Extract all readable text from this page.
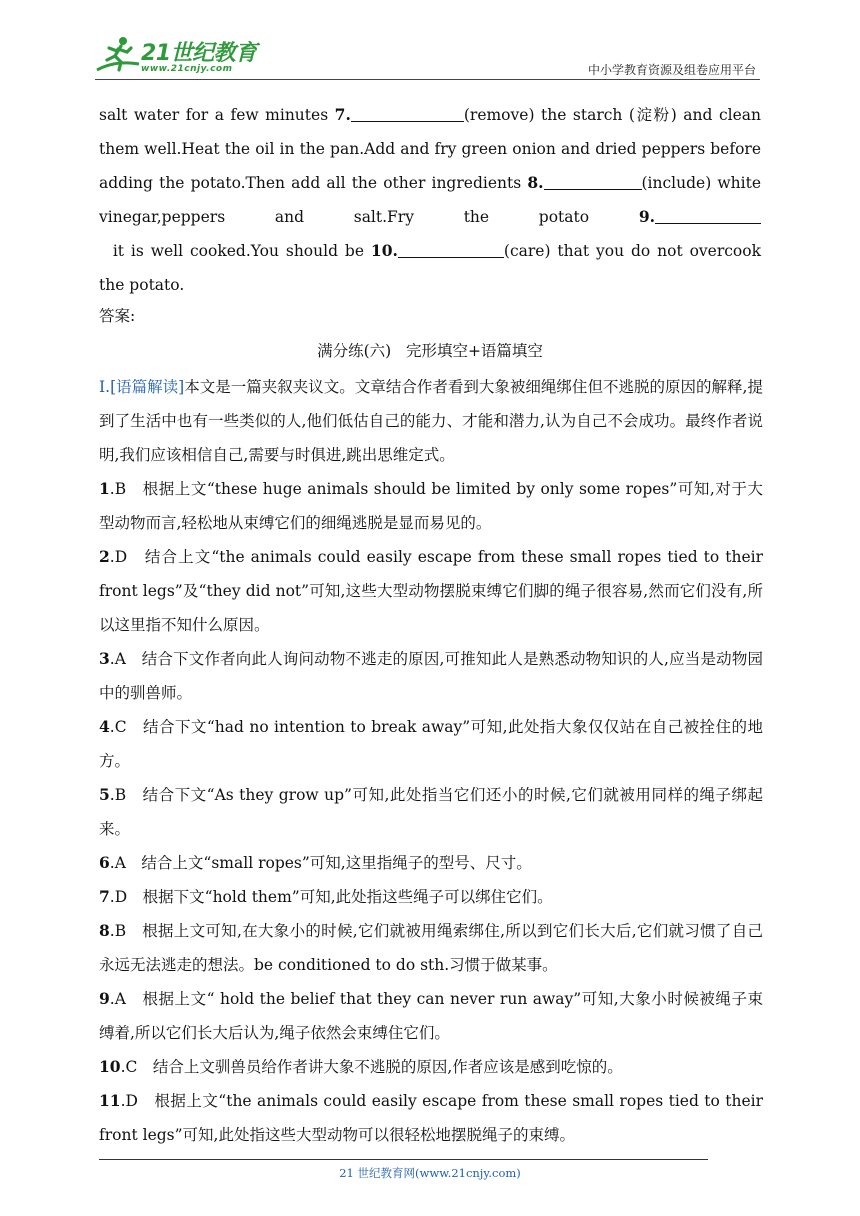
21世纪教育
www.21cnjy.com	中小学教育资源及组卷应用平台

salt water for a few minutes 7.	(remove) the starch (淀粉) and clean them well.Heat the oil in the pan.Add and fry green onion and dried peppers before adding the potato.Then add all the other ingredients 8.	(include) white vinegar,peppers and salt.Fry the potato 9.  it is well cooked.You should be 10.	(care) that you do not overcook the potato.

答案:
满分练(六)   完形填空+语篇填空

Ⅰ.[语篇解读]本文是一篇夹叙夹议文。文章结合作者看到大象被细绳绑住但不逃脱的原因的解释,提到了生活中也有一些类似的人,他们低估自己的能力、才能和潜力,认为自己不会成功。最终作者说明,我们应该相信自己,需要与时俱进,跳出思维定式。

1.B　根据上文“these huge animals should be limited by only some ropes”可知,对于大型动物而言,轻松地从束缚它们的细绳逃脱是显而易见的。

2.D　结合上文“the animals could easily escape from these small ropes tied to their front legs”及“they did not”可知,这些大型动物摆脱束缚它们脚的绳子很容易,然而它们没有,所以这里指不知什么原因。

3.A　结合下文作者向此人询问动物不逃走的原因,可推知此人是熟悉动物知识的人,应当是动物园中的驯兽师。

4.C　结合下文“had no intention to break away”可知,此处指大象仅仅站在自己被拴住的地方。

5.B　结合下文“As they grow up”可知,此处指当它们还小的时候,它们就被用同样的绳子绑起来。

6.A　结合上文“small ropes”可知,这里指绳子的型号、尺寸。

7.D　根据下文“hold them”可知,此处指这些绳子可以绑住它们。

8.B　根据上文可知,在大象小的时候,它们就被用绳索绑住,所以到它们长大后,它们就习惯了自己永远无法逃走的想法。be conditioned to do sth.习惯于做某事。

9.A　根据上文“ hold the belief that they can never run away”可知,大象小时候被绳子束缚着,所以它们长大后认为,绳子依然会束缚住它们。

10.C　结合上文驯兽员给作者讲大象不逃脱的原因,作者应该是感到吃惊的。

11.D　根据上文“the animals could easily escape from these small ropes tied to their front legs”可知,此处指这些大型动物可以很轻松地摆脱绳子的束缚。

21 世纪教育网(www.21cnjy.com)
